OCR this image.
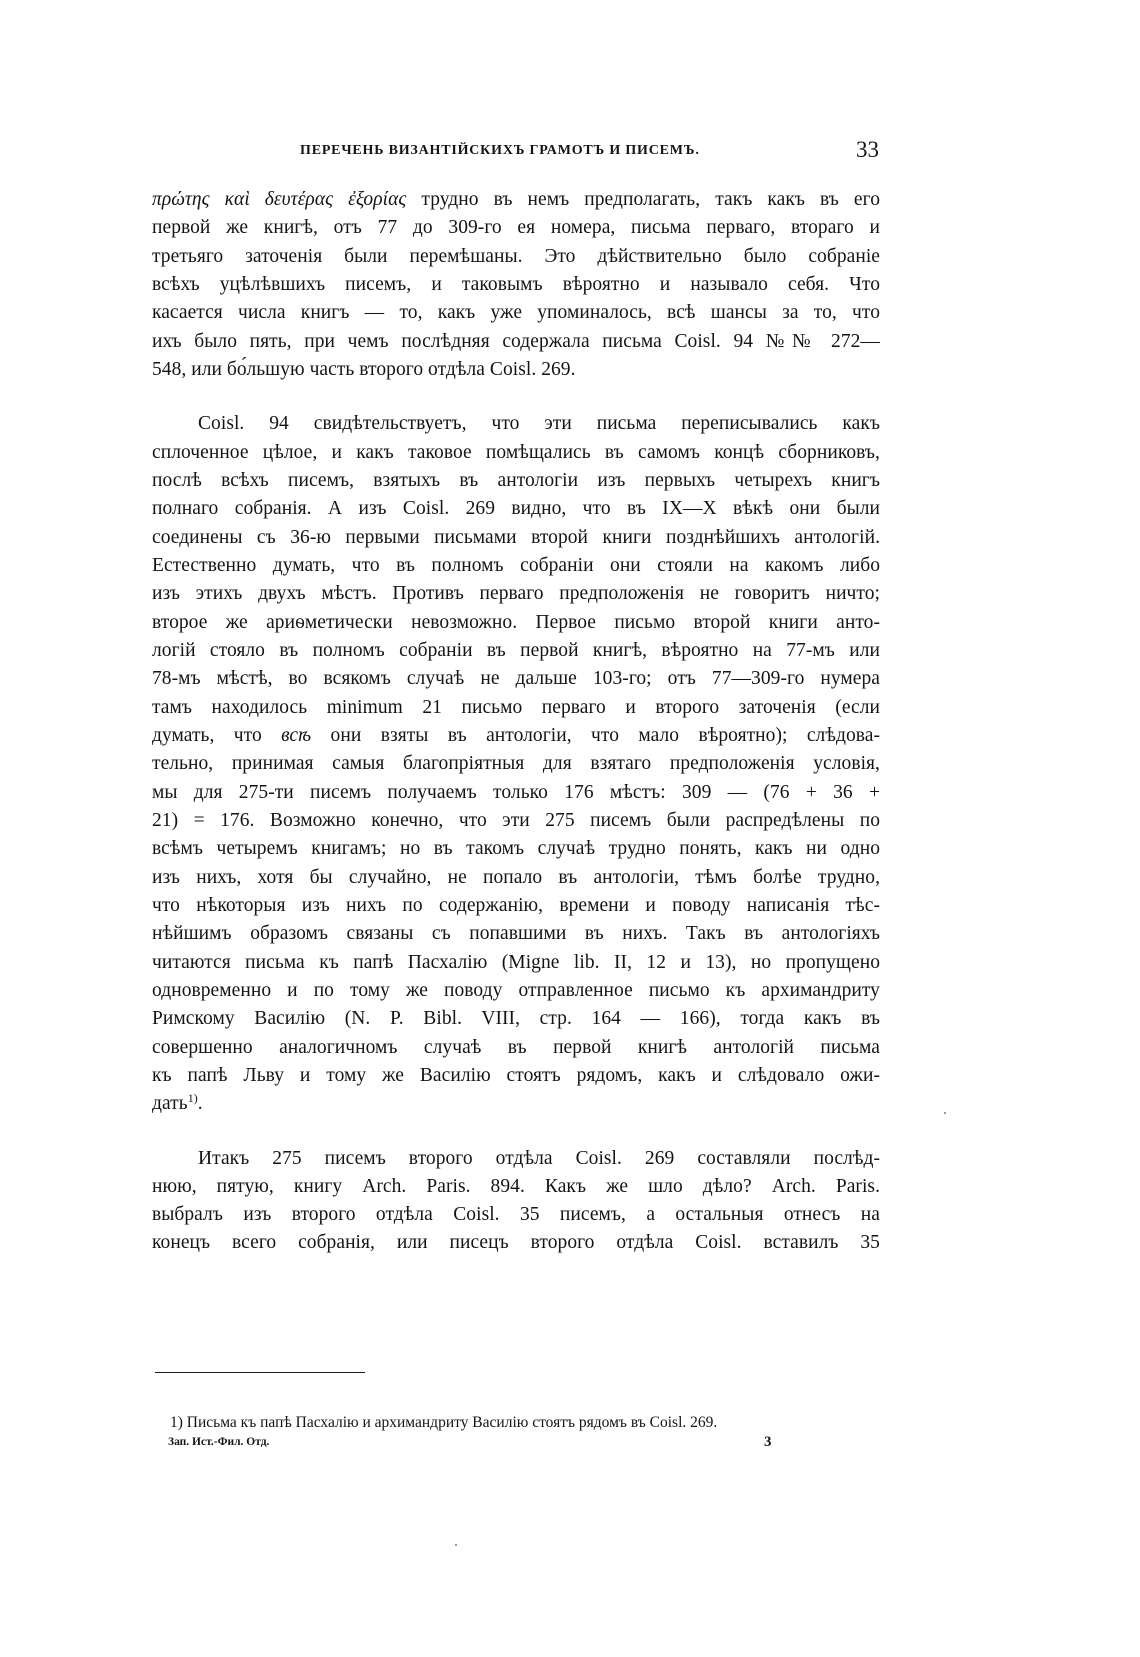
ПЕРЕЧЕНЬ ВИЗАНТІЙСКИХЪ ГРАМОТЪ И ПИСЕМЪ.	33
πρώτης καὶ δευτέρας ἐξορίας трудно въ немъ предполагать, такъ какъ въ его
первой же книгѣ, отъ 77 до 309-го ея номера, письма перваго, втораго и
третьяго заточенія были перемѣшаны. Это дѣйствительно было собраніе
всѣхъ уцѣлѣвшихъ писемъ, и таковымъ вѣроятно и называло себя. Что
касается числа книгъ — то, какъ уже упоминалось, всѣ шансы за то, что
ихъ было пять, при чемъ послѣдняя содержала письма Coisl. 94 №№ 272—
548, или бо́льшую часть второго отдѣла Coisl. 269.
Coisl. 94 свидѣтельствуетъ, что эти письма переписывались какъ
сплоченное цѣлое, и какъ таковое помѣщались въ самомъ концѣ сборниковъ,
послѣ всѣхъ писемъ, взятыхъ въ антологіи изъ первыхъ четырехъ книгъ
полнаго собранія. А изъ Coisl. 269 видно, что въ IX—X вѣкѣ они были
соединены съ 36-ю первыми письмами второй книги позднѣйшихъ антологій.
Естественно думать, что въ полномъ собраніи они стояли на какомъ либо
изъ этихъ двухъ мѣстъ. Противъ перваго предположенія не говоритъ ничто;
второе же ариѳметически невозможно. Первое письмо второй книги анто-
логій стояло въ полномъ собраніи въ первой книгѣ, вѣроятно на 77-мъ или
78-мъ мѣстѣ, во всякомъ случаѣ не дальше 103-го; отъ 77—309-го нумера
тамъ находилось minimum 21 письмо перваго и второго заточенія (если
думать, что всѣ они взяты въ антологіи, что мало вѣроятно); слѣдова-
тельно, принимая самыя благопріятныя для взятаго предположенія условія,
мы для 275-ти писемъ получаемъ только 176 мѣстъ: 309 — (76 + 36 +
21) = 176. Возможно конечно, что эти 275 писемъ были распредѣлены по
всѣмъ четыремъ книгамъ; но въ такомъ случаѣ трудно понять, какъ ни одно
изъ нихъ, хотя бы случайно, не попало въ антологіи, тѣмъ болѣе трудно,
что нѣкоторыя изъ нихъ по содержанію, времени и поводу написанія тѣс-
нѣйшимъ образомъ связаны съ попавшими въ нихъ. Такъ въ антологіяхъ
читаются письма къ папѣ Пасхалію (Migne lib. II, 12 и 13), но пропущено
одновременно и по тому же поводу отправленное письмо къ архимандриту
Римскому Василію (N. P. Bibl. VIII, стр. 164 — 166), тогда какъ въ
совершенно аналогичномъ случаѣ въ первой книгѣ антологій письма
къ папѣ Льву и тому же Василію стоятъ рядомъ, какъ и слѣдовало ожи-
дать$^{1)}$.
Итакъ 275 писемъ второго отдѣла Coisl. 269 составляли послѣд-
нюю, пятую, книгу Arch. Paris. 894. Какъ же шло дѣло? Arch. Paris.
выбралъ изъ второго отдѣла Coisl. 35 писемъ, а остальныя отнесъ на
конецъ всего собранія, или писецъ второго отдѣла Coisl. вставилъ 35
1) Письма къ папѣ Пасхалію и архимандриту Василію стоятъ рядомъ въ Coisl. 269.
Зап. Ист.-Фил. Отд.	3
